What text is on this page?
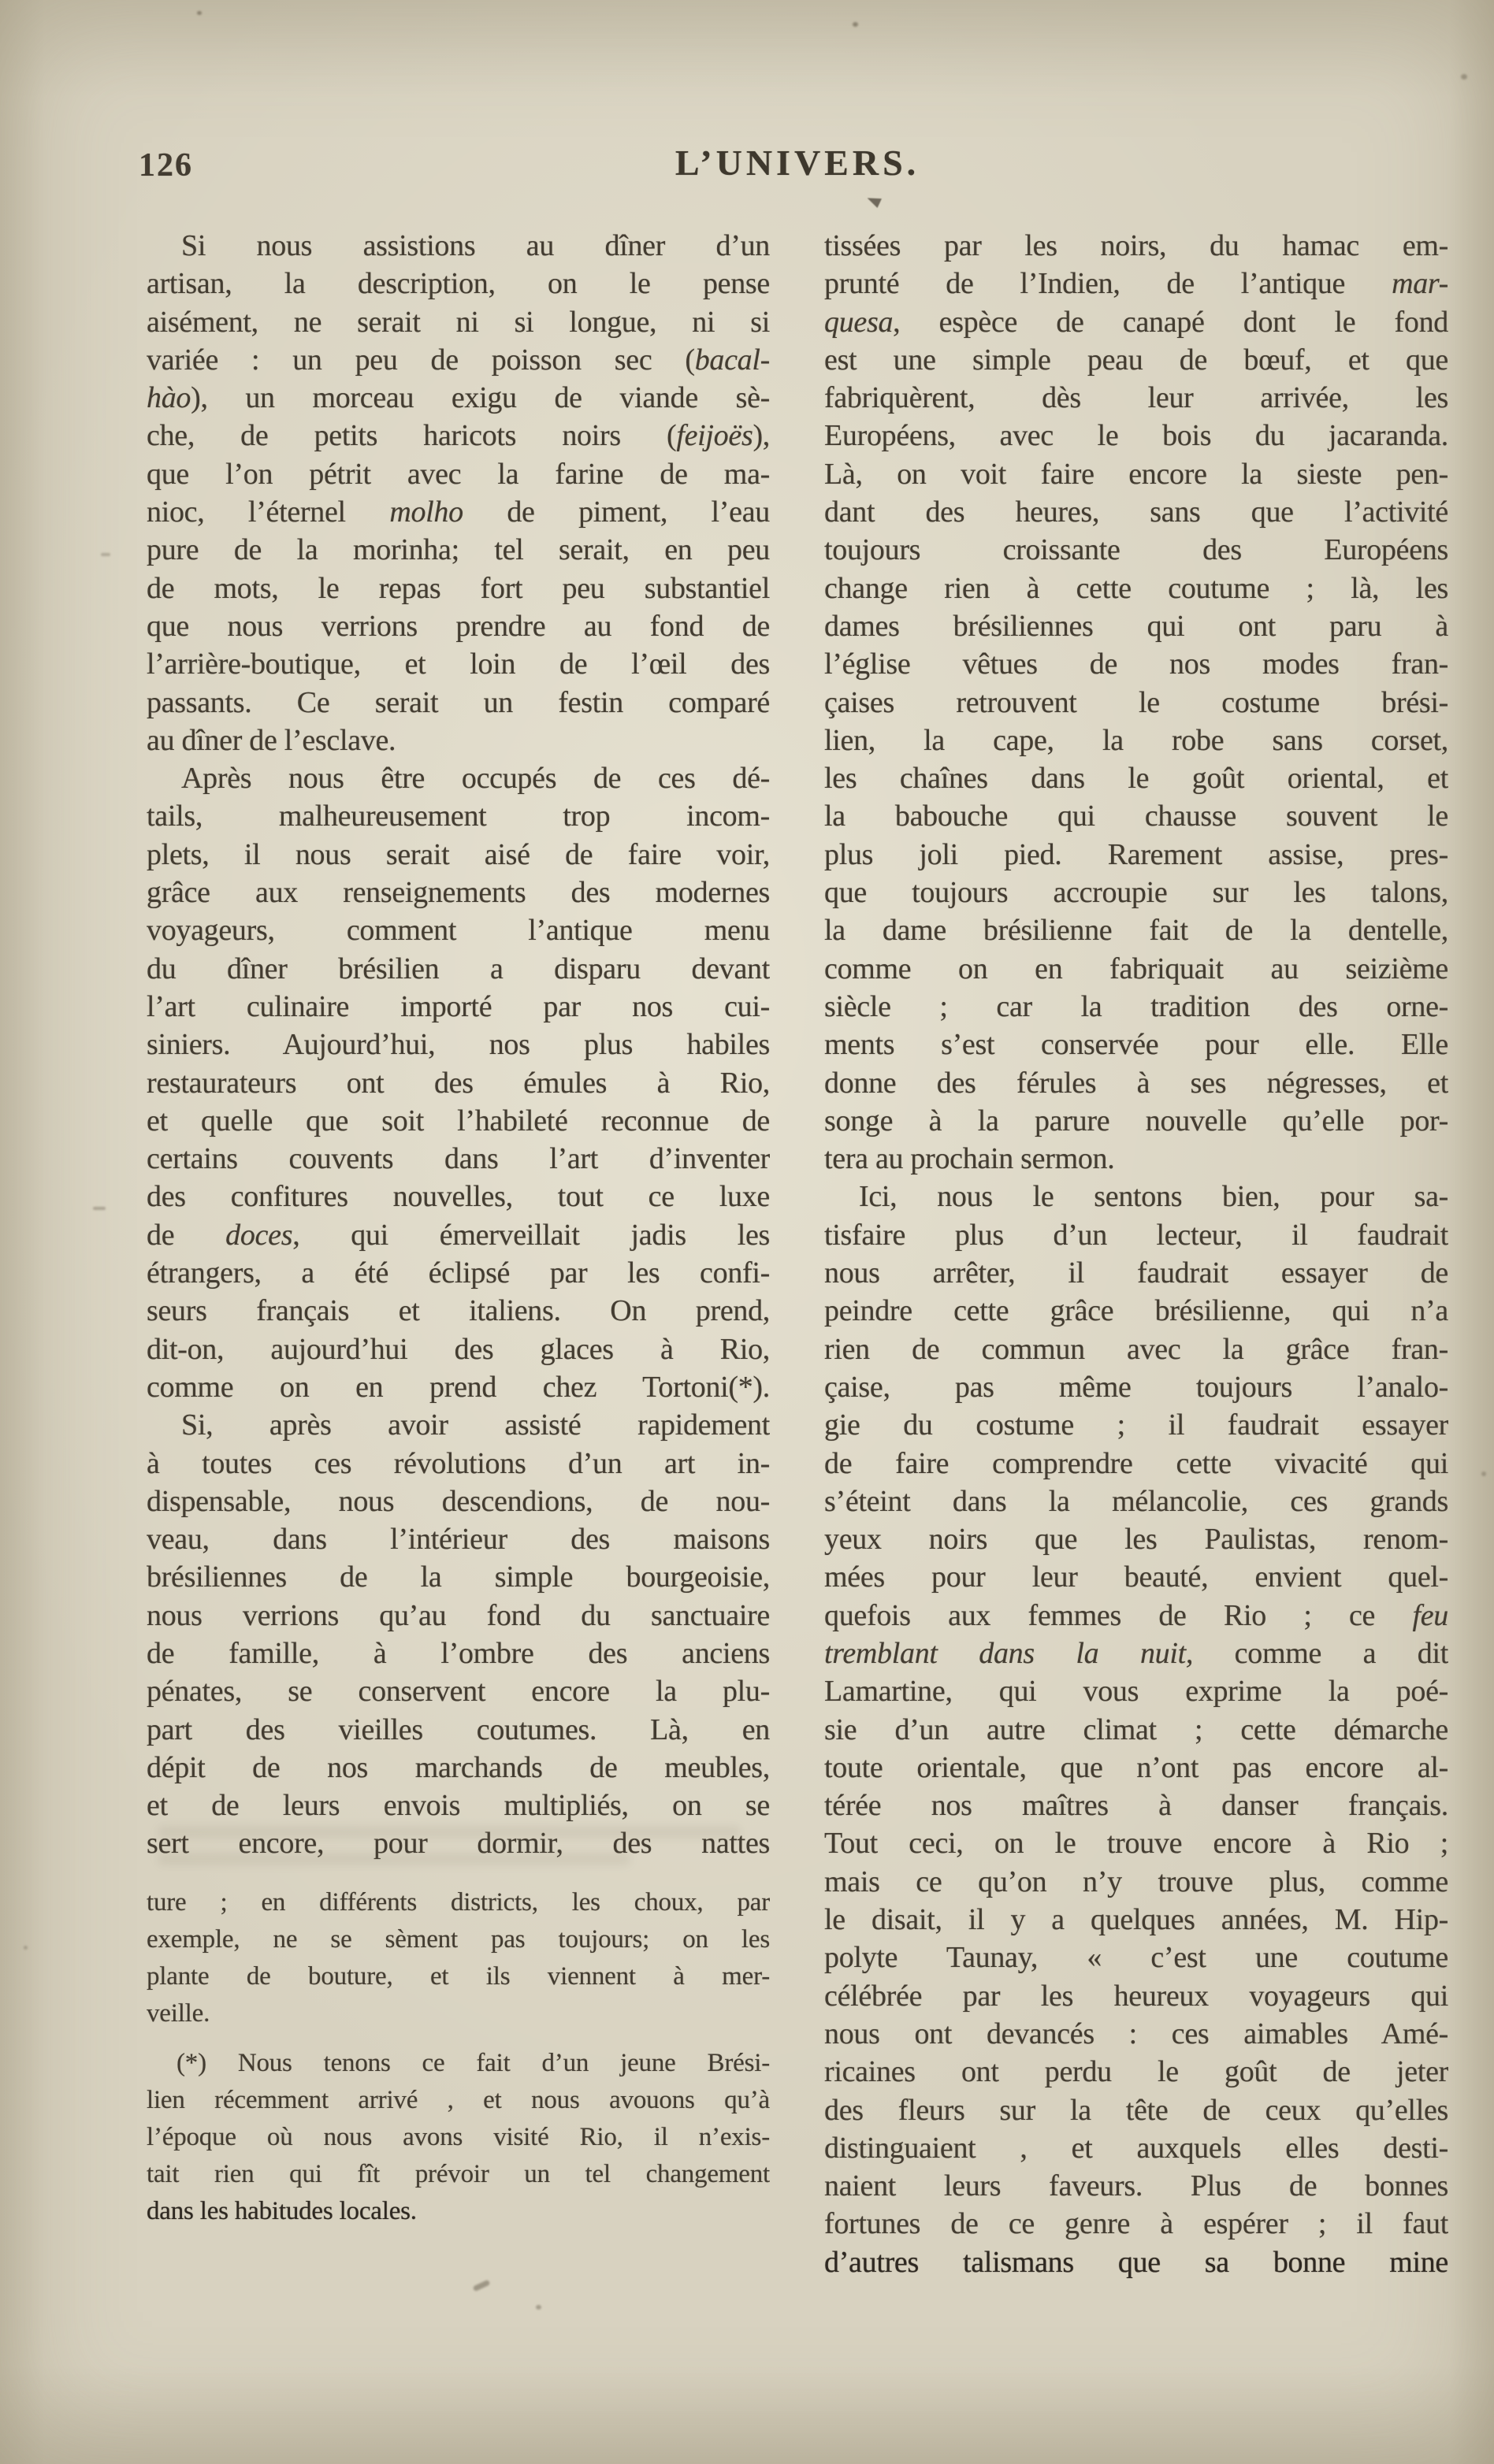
126	L’UNIVERS.
Si nous assistions au dîner d’un
artisan, la description, on le pense
aisément, ne serait ni si longue, ni si
variée : un peu de poisson sec (bacal-
hào), un morceau exigu de viande sè-
che, de petits haricots noirs (feijoës),
que l’on pétrit avec la farine de ma-
nioc, l’éternel molho de piment, l’eau
pure de la morinha; tel serait, en peu
de mots, le repas fort peu substantiel
que nous verrions prendre au fond de
l’arrière-boutique, et loin de l’œil des
passants. Ce serait un festin comparé
au dîner de l’esclave.
Après nous être occupés de ces dé-
tails, malheureusement trop incom-
plets, il nous serait aisé de faire voir,
grâce aux renseignements des modernes
voyageurs, comment l’antique menu
du dîner brésilien a disparu devant
l’art culinaire importé par nos cui-
siniers. Aujourd’hui, nos plus habiles
restaurateurs ont des émules à Rio,
et quelle que soit l’habileté reconnue de
certains couvents dans l’art d’inventer
des confitures nouvelles, tout ce luxe
de doces, qui émerveillait jadis les
étrangers, a été éclipsé par les confi-
seurs français et italiens. On prend,
dit-on, aujourd’hui des glaces à Rio,
comme on en prend chez Tortoni(*).
Si, après avoir assisté rapidement
à toutes ces révolutions d’un art in-
dispensable, nous descendions, de nou-
veau, dans l’intérieur des maisons
brésiliennes de la simple bourgeoisie,
nous verrions qu’au fond du sanctuaire
de famille, à l’ombre des anciens
pénates, se conservent encore la plu-
part des vieilles coutumes. Là, en
dépit de nos marchands de meubles,
et de leurs envois multipliés, on se
sert encore, pour dormir, des nattes
tissées par les noirs, du hamac em-
prunté de l’Indien, de l’antique mar-
quesa, espèce de canapé dont le fond
est une simple peau de bœuf, et que
fabriquèrent, dès leur arrivée, les
Européens, avec le bois du jacaranda.
Là, on voit faire encore la sieste pen-
dant des heures, sans que l’activité
toujours croissante des Européens
change rien à cette coutume ; là, les
dames brésiliennes qui ont paru à
l’église vêtues de nos modes fran-
çaises retrouvent le costume brési-
lien, la cape, la robe sans corset,
les chaînes dans le goût oriental, et
la babouche qui chausse souvent le
plus joli pied. Rarement assise, pres-
que toujours accroupie sur les talons,
la dame brésilienne fait de la dentelle,
comme on en fabriquait au seizième
siècle ; car la tradition des orne-
ments s’est conservée pour elle. Elle
donne des férules à ses négresses, et
songe à la parure nouvelle qu’elle por-
tera au prochain sermon.
Ici, nous le sentons bien, pour sa-
tisfaire plus d’un lecteur, il faudrait
nous arrêter, il faudrait essayer de
peindre cette grâce brésilienne, qui n’a
rien de commun avec la grâce fran-
çaise, pas même toujours l’analo-
gie du costume ; il faudrait essayer
de faire comprendre cette vivacité qui
s’éteint dans la mélancolie, ces grands
yeux noirs que les Paulistas, renom-
mées pour leur beauté, envient quel-
quefois aux femmes de Rio ; ce feu
tremblant dans la nuit, comme a dit
Lamartine, qui vous exprime la poé-
sie d’un autre climat ; cette démarche
toute orientale, que n’ont pas encore al-
térée nos maîtres à danser français.
Tout ceci, on le trouve encore à Rio ;
mais ce qu’on n’y trouve plus, comme
le disait, il y a quelques années, M. Hip-
polyte Taunay, « c’est une coutume
célébrée par les heureux voyageurs qui
nous ont devancés : ces aimables Amé-
ricaines ont perdu le goût de jeter
des fleurs sur la tête de ceux qu’elles
distinguaient , et auxquels elles desti-
naient leurs faveurs. Plus de bonnes
fortunes de ce genre à espérer ; il faut
d’autres talismans que sa bonne mine
ture ; en différents districts, les choux, par
exemple, ne se sèment pas toujours; on les
plante de bouture, et ils viennent à mer-
veille.
(*) Nous tenons ce fait d’un jeune Brési-
lien récemment arrivé , et nous avouons qu’à
l’époque où nous avons visité Rio, il n’exis-
tait rien qui fît prévoir un tel changement
dans les habitudes locales.
